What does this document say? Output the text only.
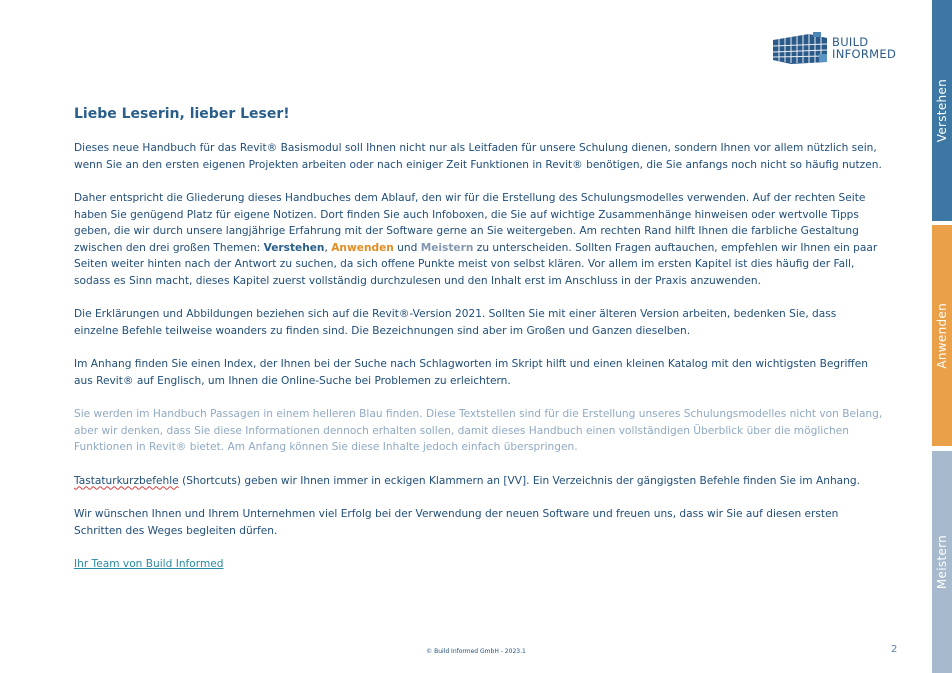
BUILD
INFORMED
Verstehen
Anwenden
Meistern
Liebe Leserin, lieber Leser!

Dieses neue Handbuch für das Revit® Basismodul soll Ihnen nicht nur als Leitfaden für unsere Schulung dienen, sondern Ihnen vor allem nützlich sein, wenn Sie an den ersten eigenen Projekten arbeiten oder nach einiger Zeit Funktionen in Revit® benötigen, die Sie anfangs noch nicht so häufig nutzen.

Daher entspricht die Gliederung dieses Handbuches dem Ablauf, den wir für die Erstellung des Schulungsmodelles verwenden. Auf der rechten Seite haben Sie genügend Platz für eigene Notizen. Dort finden Sie auch Infoboxen, die Sie auf wichtige Zusammenhänge hinweisen oder wertvolle Tipps geben, die wir durch unsere langjährige Erfahrung mit der Software gerne an Sie weitergeben. Am rechten Rand hilft Ihnen die farbliche Gestaltung zwischen den drei großen Themen: Verstehen, Anwenden und Meistern zu unterscheiden. Sollten Fragen auftauchen, empfehlen wir Ihnen ein paar Seiten weiter hinten nach der Antwort zu suchen, da sich offene Punkte meist von selbst klären. Vor allem im ersten Kapitel ist dies häufig der Fall, sodass es Sinn macht, dieses Kapitel zuerst vollständig durchzulesen und den Inhalt erst im Anschluss in der Praxis anzuwenden.

Die Erklärungen und Abbildungen beziehen sich auf die Revit®-Version 2021. Sollten Sie mit einer älteren Version arbeiten, bedenken Sie, dass einzelne Befehle teilweise woanders zu finden sind. Die Bezeichnungen sind aber im Großen und Ganzen dieselben.

Im Anhang finden Sie einen Index, der Ihnen bei der Suche nach Schlagworten im Skript hilft und einen kleinen Katalog mit den wichtigsten Begriffen aus Revit® auf Englisch, um Ihnen die Online-Suche bei Problemen zu erleichtern.

Sie werden im Handbuch Passagen in einem helleren Blau finden. Diese Textstellen sind für die Erstellung unseres Schulungsmodelles nicht von Belang, aber wir denken, dass Sie diese Informationen dennoch erhalten sollen, damit dieses Handbuch einen vollständigen Überblick über die möglichen Funktionen in Revit® bietet. Am Anfang können Sie diese Inhalte jedoch einfach überspringen.

Tastaturkurzbefehle (Shortcuts) geben wir Ihnen immer in eckigen Klammern an [VV]. Ein Verzeichnis der gängigsten Befehle finden Sie im Anhang.

Wir wünschen Ihnen und Ihrem Unternehmen viel Erfolg bei der Verwendung der neuen Software und freuen uns, dass wir Sie auf diesen ersten Schritten des Weges begleiten dürfen.

Ihr Team von Build Informed
© Build Informed GmbH - 2023.1	2
